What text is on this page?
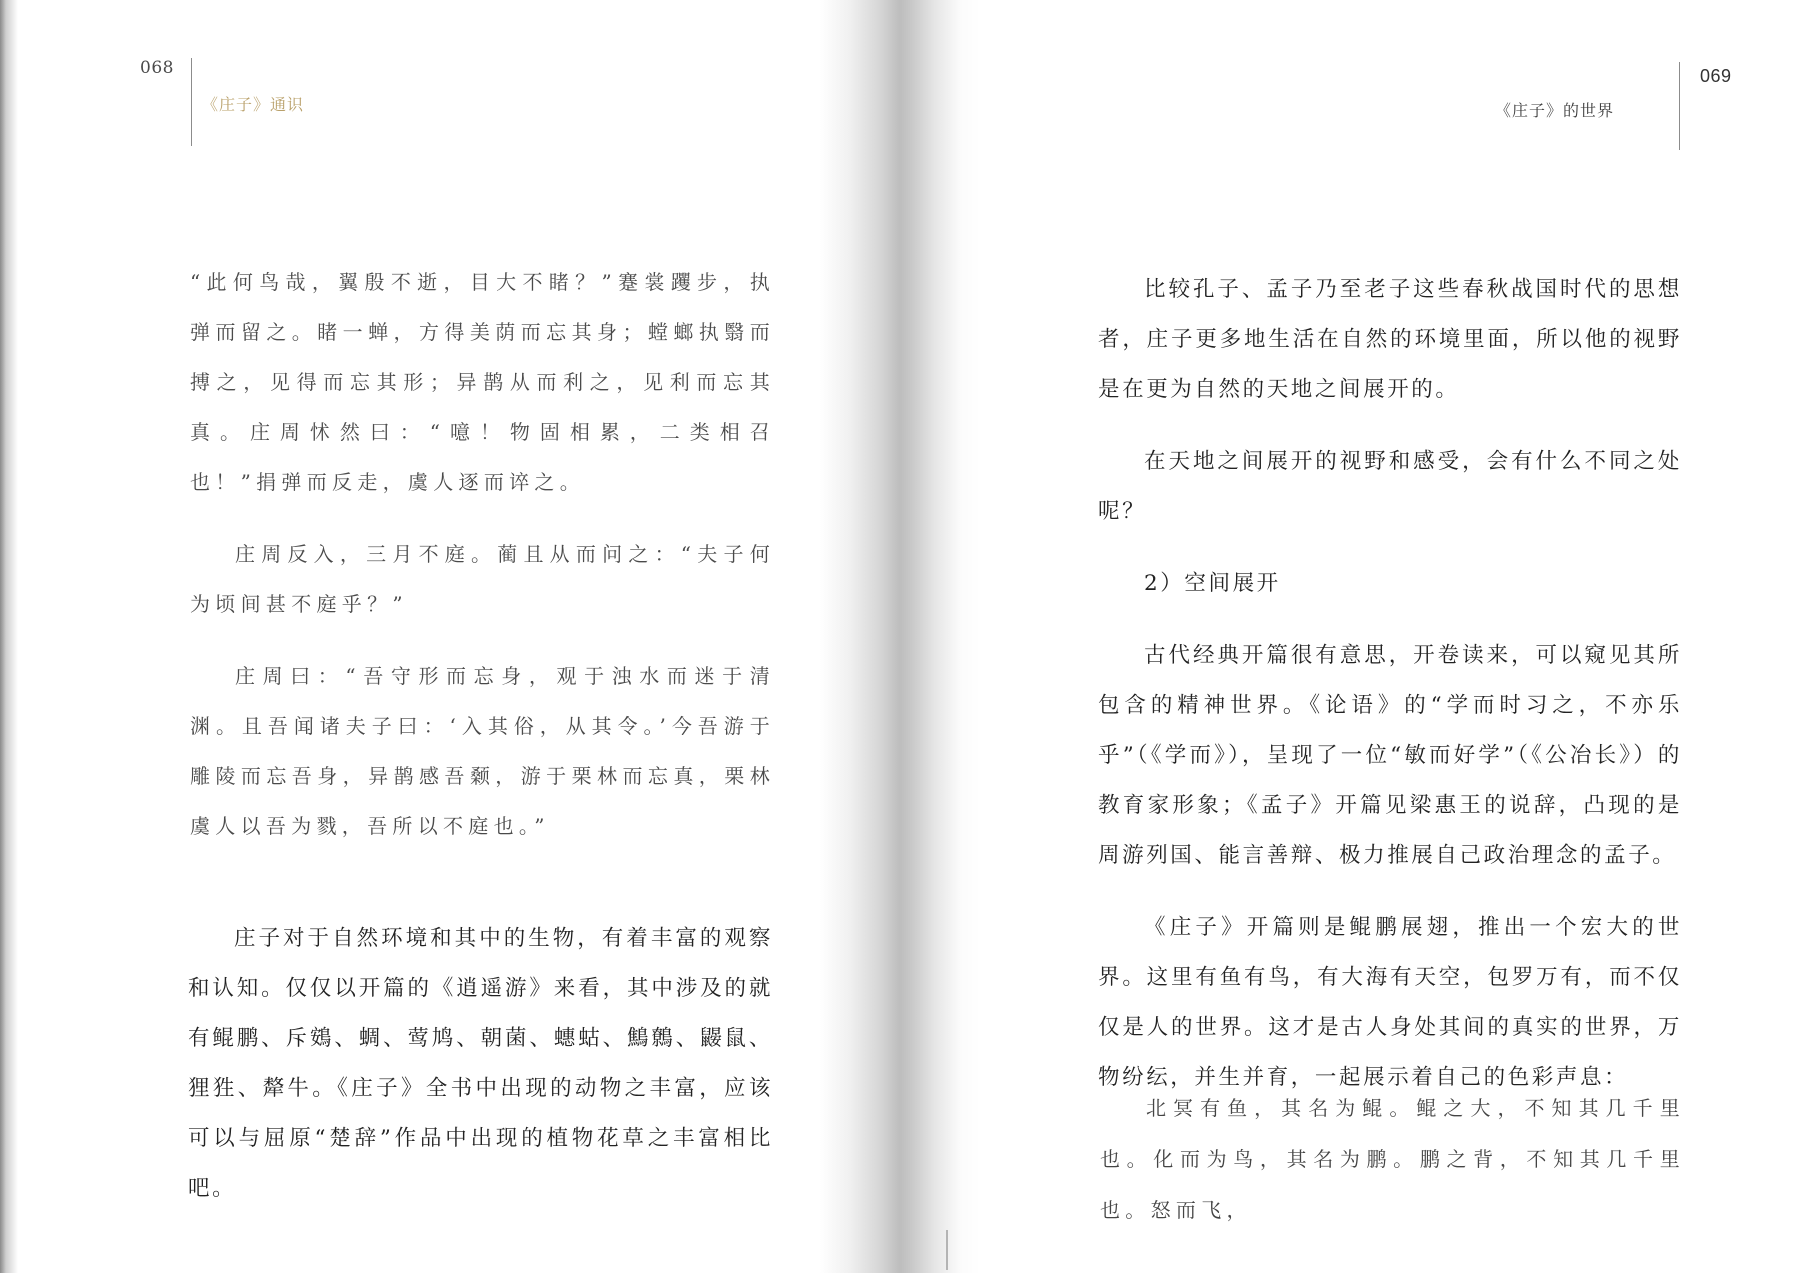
068
《庄子》通识

“此何鸟哉，翼殷不逝，目大不睹？”蹇裳躩步，执弹而留之。睹一蝉，方得美荫而忘其身；螳螂执翳而搏之，见得而忘其形；异鹊从而利之，见利而忘其真。庄周怵然曰：“噫！物固相累，二类相召也！”捐弹而反走，虞人逐而谇之。

庄周反入，三月不庭。蔺且从而问之：“夫子何为顷间甚不庭乎？”

庄周曰：“吾守形而忘身，观于浊水而迷于清渊。且吾闻诸夫子曰：‘入其俗，从其令。’今吾游于雕陵而忘吾身，异鹊感吾颡，游于栗林而忘真，栗林虞人以吾为戮，吾所以不庭也。”

庄子对于自然环境和其中的生物，有着丰富的观察和认知。仅仅以开篇的《逍遥游》来看，其中涉及的就有鲲鹏、斥鴳、蜩、莺鸠、朝菌、蟪蛄、鷦鷯、鼹鼠、狸狌、犛牛。《庄子》全书中出现的动物之丰富，应该可以与屈原“楚辞”作品中出现的植物花草之丰富相比吧。

069
《庄子》的世界

比较孔子、孟子乃至老子这些春秋战国时代的思想者，庄子更多地生活在自然的环境里面，所以他的视野是在更为自然的天地之间展开的。

在天地之间展开的视野和感受，会有什么不同之处呢？

2）空间展开

古代经典开篇很有意思，开卷读来，可以窥见其所包含的精神世界。《论语》的“学而时习之，不亦乐乎”（《学而》），呈现了一位“敏而好学”（《公冶长》）的教育家形象；《孟子》开篇见梁惠王的说辞，凸现的是周游列国、能言善辩、极力推展自己政治理念的孟子。

《庄子》开篇则是鲲鹏展翅，推出一个宏大的世界。这里有鱼有鸟，有大海有天空，包罗万有，而不仅仅是人的世界。这才是古人身处其间的真实的世界，万物纷纭，并生并育，一起展示着自己的色彩声息：

北冥有鱼，其名为鲲。鲲之大，不知其几千里也。化而为鸟，其名为鹏。鹏之背，不知其几千里也。怒而飞，
